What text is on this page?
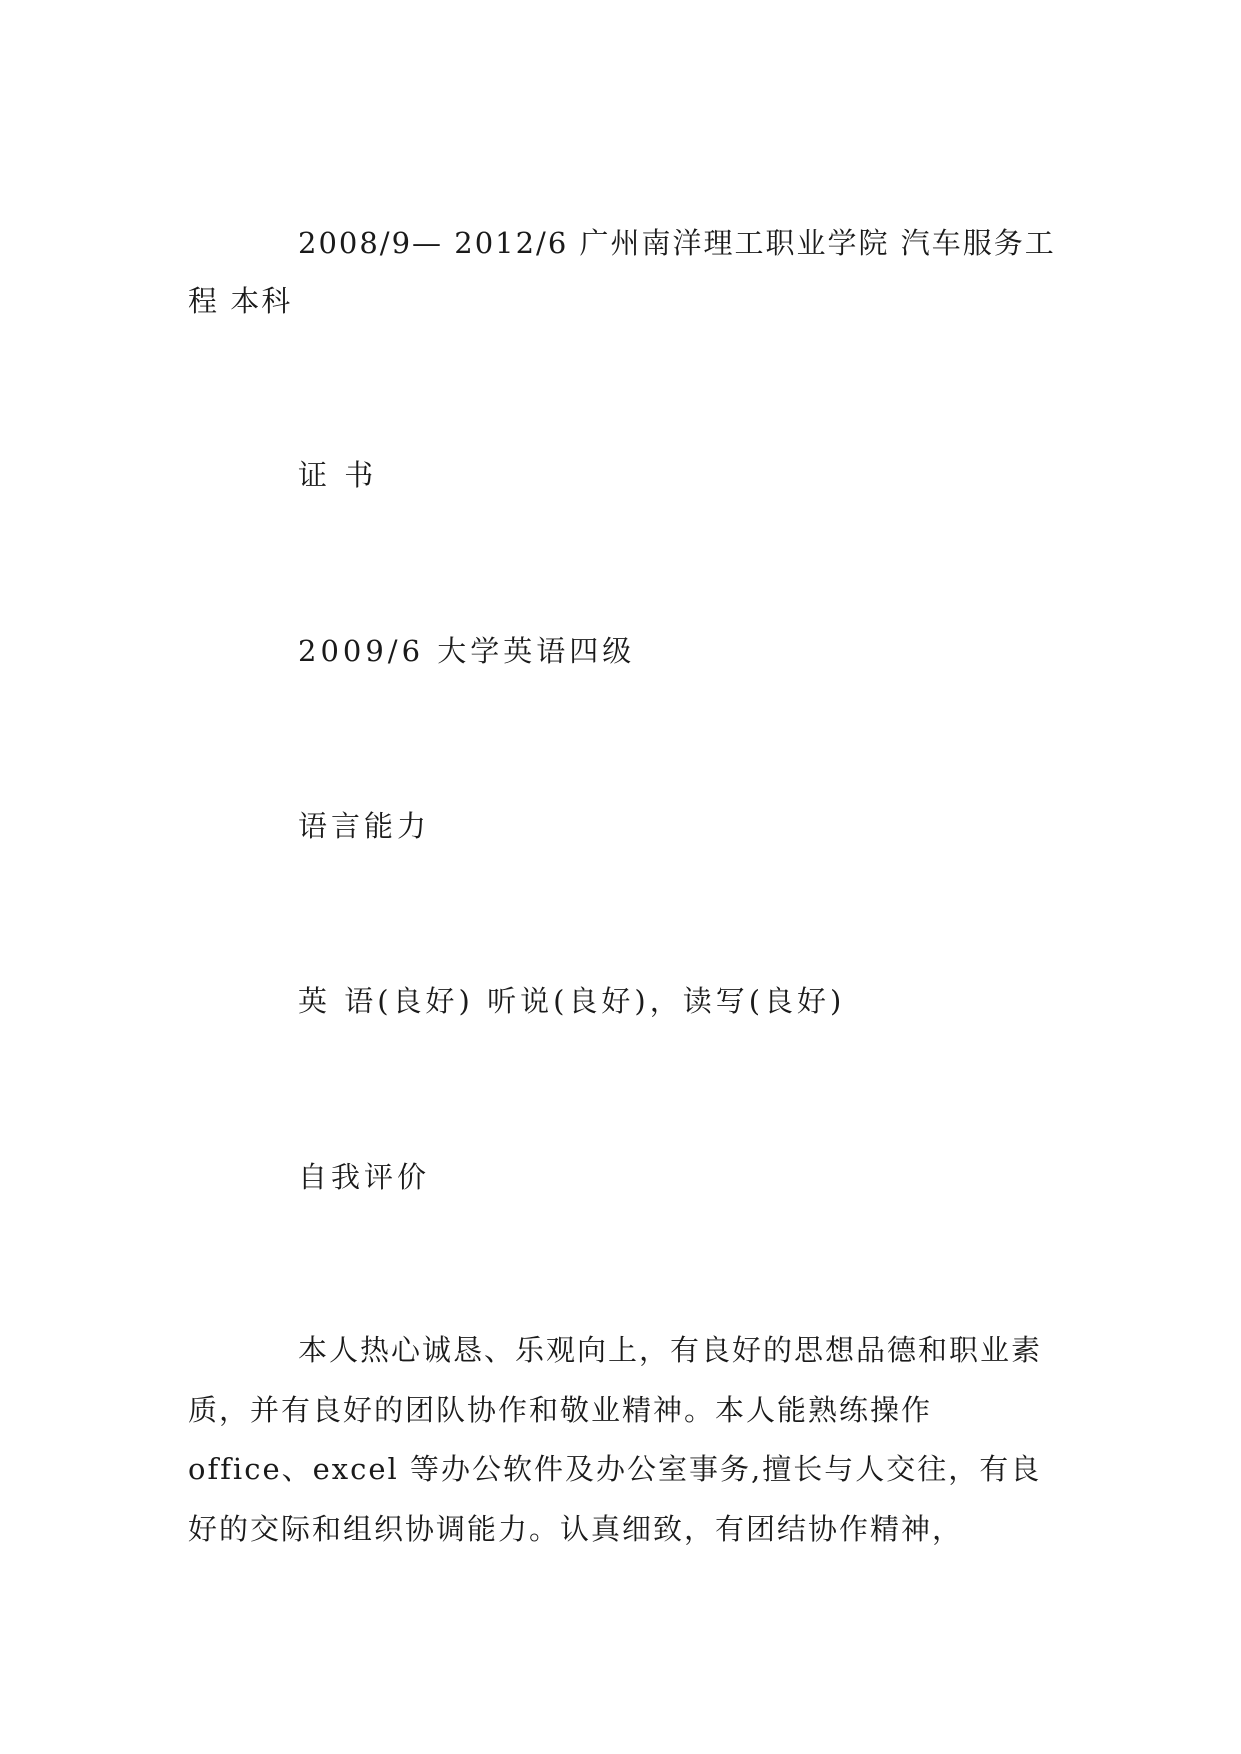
2008/9— 2012/6 广州南洋理工职业学院 汽车服务工程 本科

证 书

2009/6 大学英语四级

语言能力

英 语(良好) 听说(良好)，读写(良好)

自我评价

本人热心诚恳、乐观向上，有良好的思想品德和职业素质，并有良好的团队协作和敬业精神。本人能熟练操作 office、excel 等办公软件及办公室事务,擅长与人交往，有良好的交际和组织协调能力。认真细致，有团结协作精神，
